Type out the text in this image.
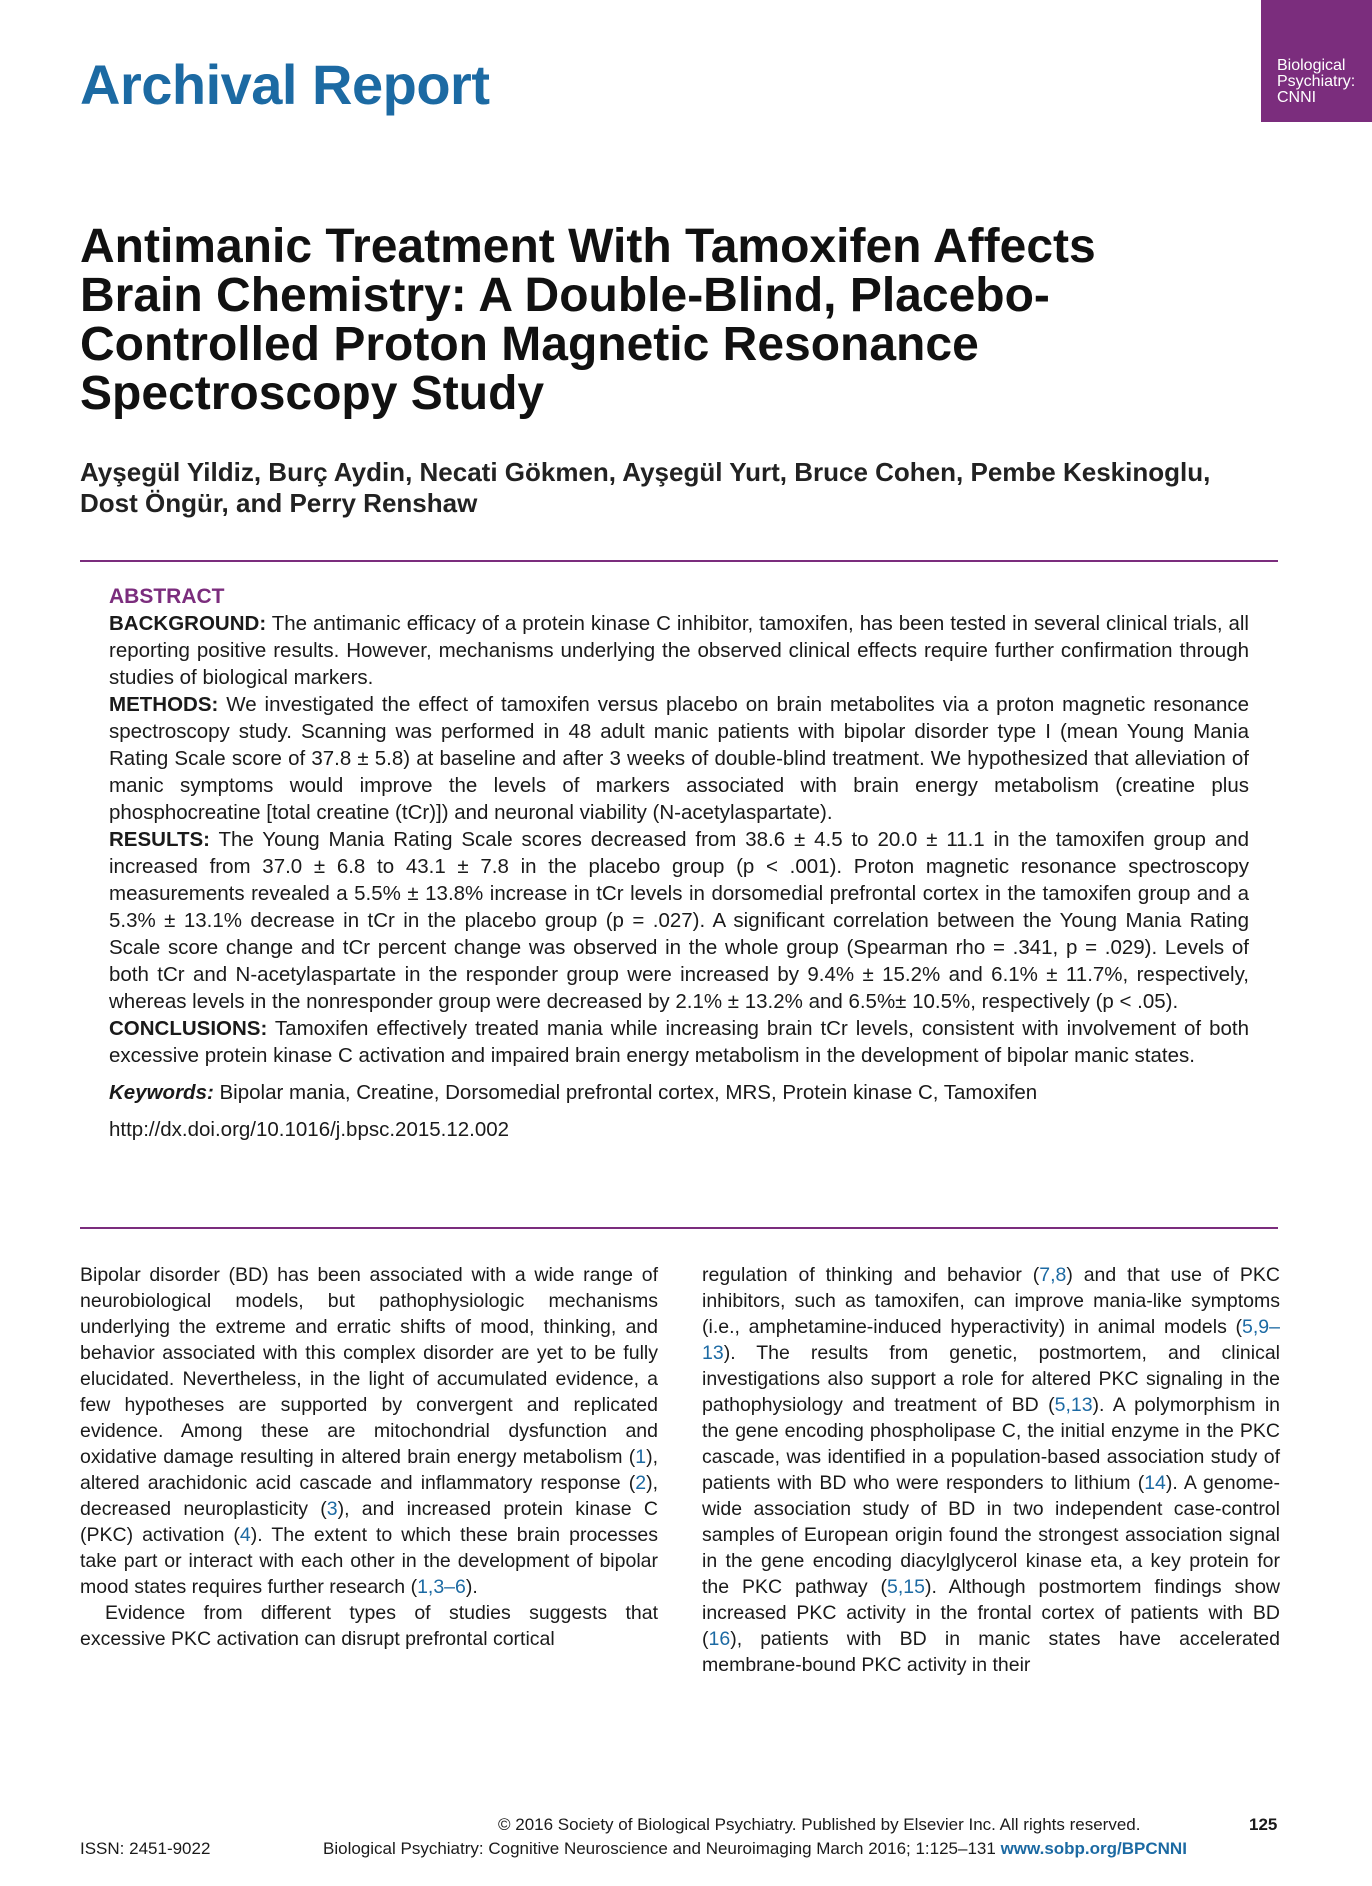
Archival Report	Biological
Psychiatry:
CNNI
Antimanic Treatment With Tamoxifen Affects
Brain Chemistry: A Double-Blind, Placebo-
Controlled Proton Magnetic Resonance
Spectroscopy Study
Ayşegül Yildiz, Burç Aydin, Necati Gökmen, Ayşegül Yurt, Bruce Cohen, Pembe Keskinoglu,
Dost Öngür, and Perry Renshaw
ABSTRACT

BACKGROUND: The antimanic efficacy of a protein kinase C inhibitor, tamoxifen, has been tested in several clinical trials, all reporting positive results. However, mechanisms underlying the observed clinical effects require further confirmation through studies of biological markers.

METHODS: We investigated the effect of tamoxifen versus placebo on brain metabolites via a proton magnetic resonance spectroscopy study. Scanning was performed in 48 adult manic patients with bipolar disorder type I (mean Young Mania Rating Scale score of 37.8 ± 5.8) at baseline and after 3 weeks of double-blind treatment. We hypothesized that alleviation of manic symptoms would improve the levels of markers associated with brain energy metabolism (creatine plus phosphocreatine [total creatine (tCr)]) and neuronal viability (N-acetylaspartate).

RESULTS: The Young Mania Rating Scale scores decreased from 38.6 ± 4.5 to 20.0 ± 11.1 in the tamoxifen group and increased from 37.0 ± 6.8 to 43.1 ± 7.8 in the placebo group (p < .001). Proton magnetic resonance spectroscopy measurements revealed a 5.5% ± 13.8% increase in tCr levels in dorsomedial prefrontal cortex in the tamoxifen group and a 5.3% ± 13.1% decrease in tCr in the placebo group (p = .027). A significant correlation between the Young Mania Rating Scale score change and tCr percent change was observed in the whole group (Spearman rho = .341, p = .029). Levels of both tCr and N-acetylaspartate in the responder group were increased by 9.4% ± 15.2% and 6.1% ± 11.7%, respectively, whereas levels in the nonresponder group were decreased by 2.1% ± 13.2% and 6.5%± 10.5%, respectively (p < .05).

CONCLUSIONS: Tamoxifen effectively treated mania while increasing brain tCr levels, consistent with involvement of both excessive protein kinase C activation and impaired brain energy metabolism in the development of bipolar manic states.

Keywords: Bipolar mania, Creatine, Dorsomedial prefrontal cortex, MRS, Protein kinase C, Tamoxifen

http://dx.doi.org/10.1016/j.bpsc.2015.12.002

Bipolar disorder (BD) has been associated with a wide range of neurobiological models, but pathophysiologic mechanisms underlying the extreme and erratic shifts of mood, thinking, and behavior associated with this complex disorder are yet to be fully elucidated. Nevertheless, in the light of accumulated evidence, a few hypotheses are supported by convergent and replicated evidence. Among these are mitochondrial dysfunction and oxidative damage resulting in altered brain energy metabolism (1), altered arachidonic acid cascade and inflammatory response (2), decreased neuroplasticity (3), and increased protein kinase C (PKC) activation (4). The extent to which these brain processes take part or interact with each other in the development of bipolar mood states requires further research (1,3–6).

Evidence from different types of studies suggests that excessive PKC activation can disrupt prefrontal cortical

regulation of thinking and behavior (7,8) and that use of PKC inhibitors, such as tamoxifen, can improve mania-like symptoms (i.e., amphetamine-induced hyperactivity) in animal models (5,9–13). The results from genetic, postmortem, and clinical investigations also support a role for altered PKC signaling in the pathophysiology and treatment of BD (5,13). A polymorphism in the gene encoding phospholipase C, the initial enzyme in the PKC cascade, was identified in a population-based association study of patients with BD who were responders to lithium (14). A genome-wide association study of BD in two independent case-control samples of European origin found the strongest association signal in the gene encoding diacylglycerol kinase eta, a key protein for the PKC pathway (5,15). Although postmortem findings show increased PKC activity in the frontal cortex of patients with BD (16), patients with BD in manic states have accelerated membrane-bound PKC activity in their

© 2016 Society of Biological Psychiatry. Published by Elsevier Inc. All rights reserved.	125
ISSN: 2451-9022	Biological Psychiatry: Cognitive Neuroscience and Neuroimaging March 2016; 1:125–131 www.sobp.org/BPCNNI
